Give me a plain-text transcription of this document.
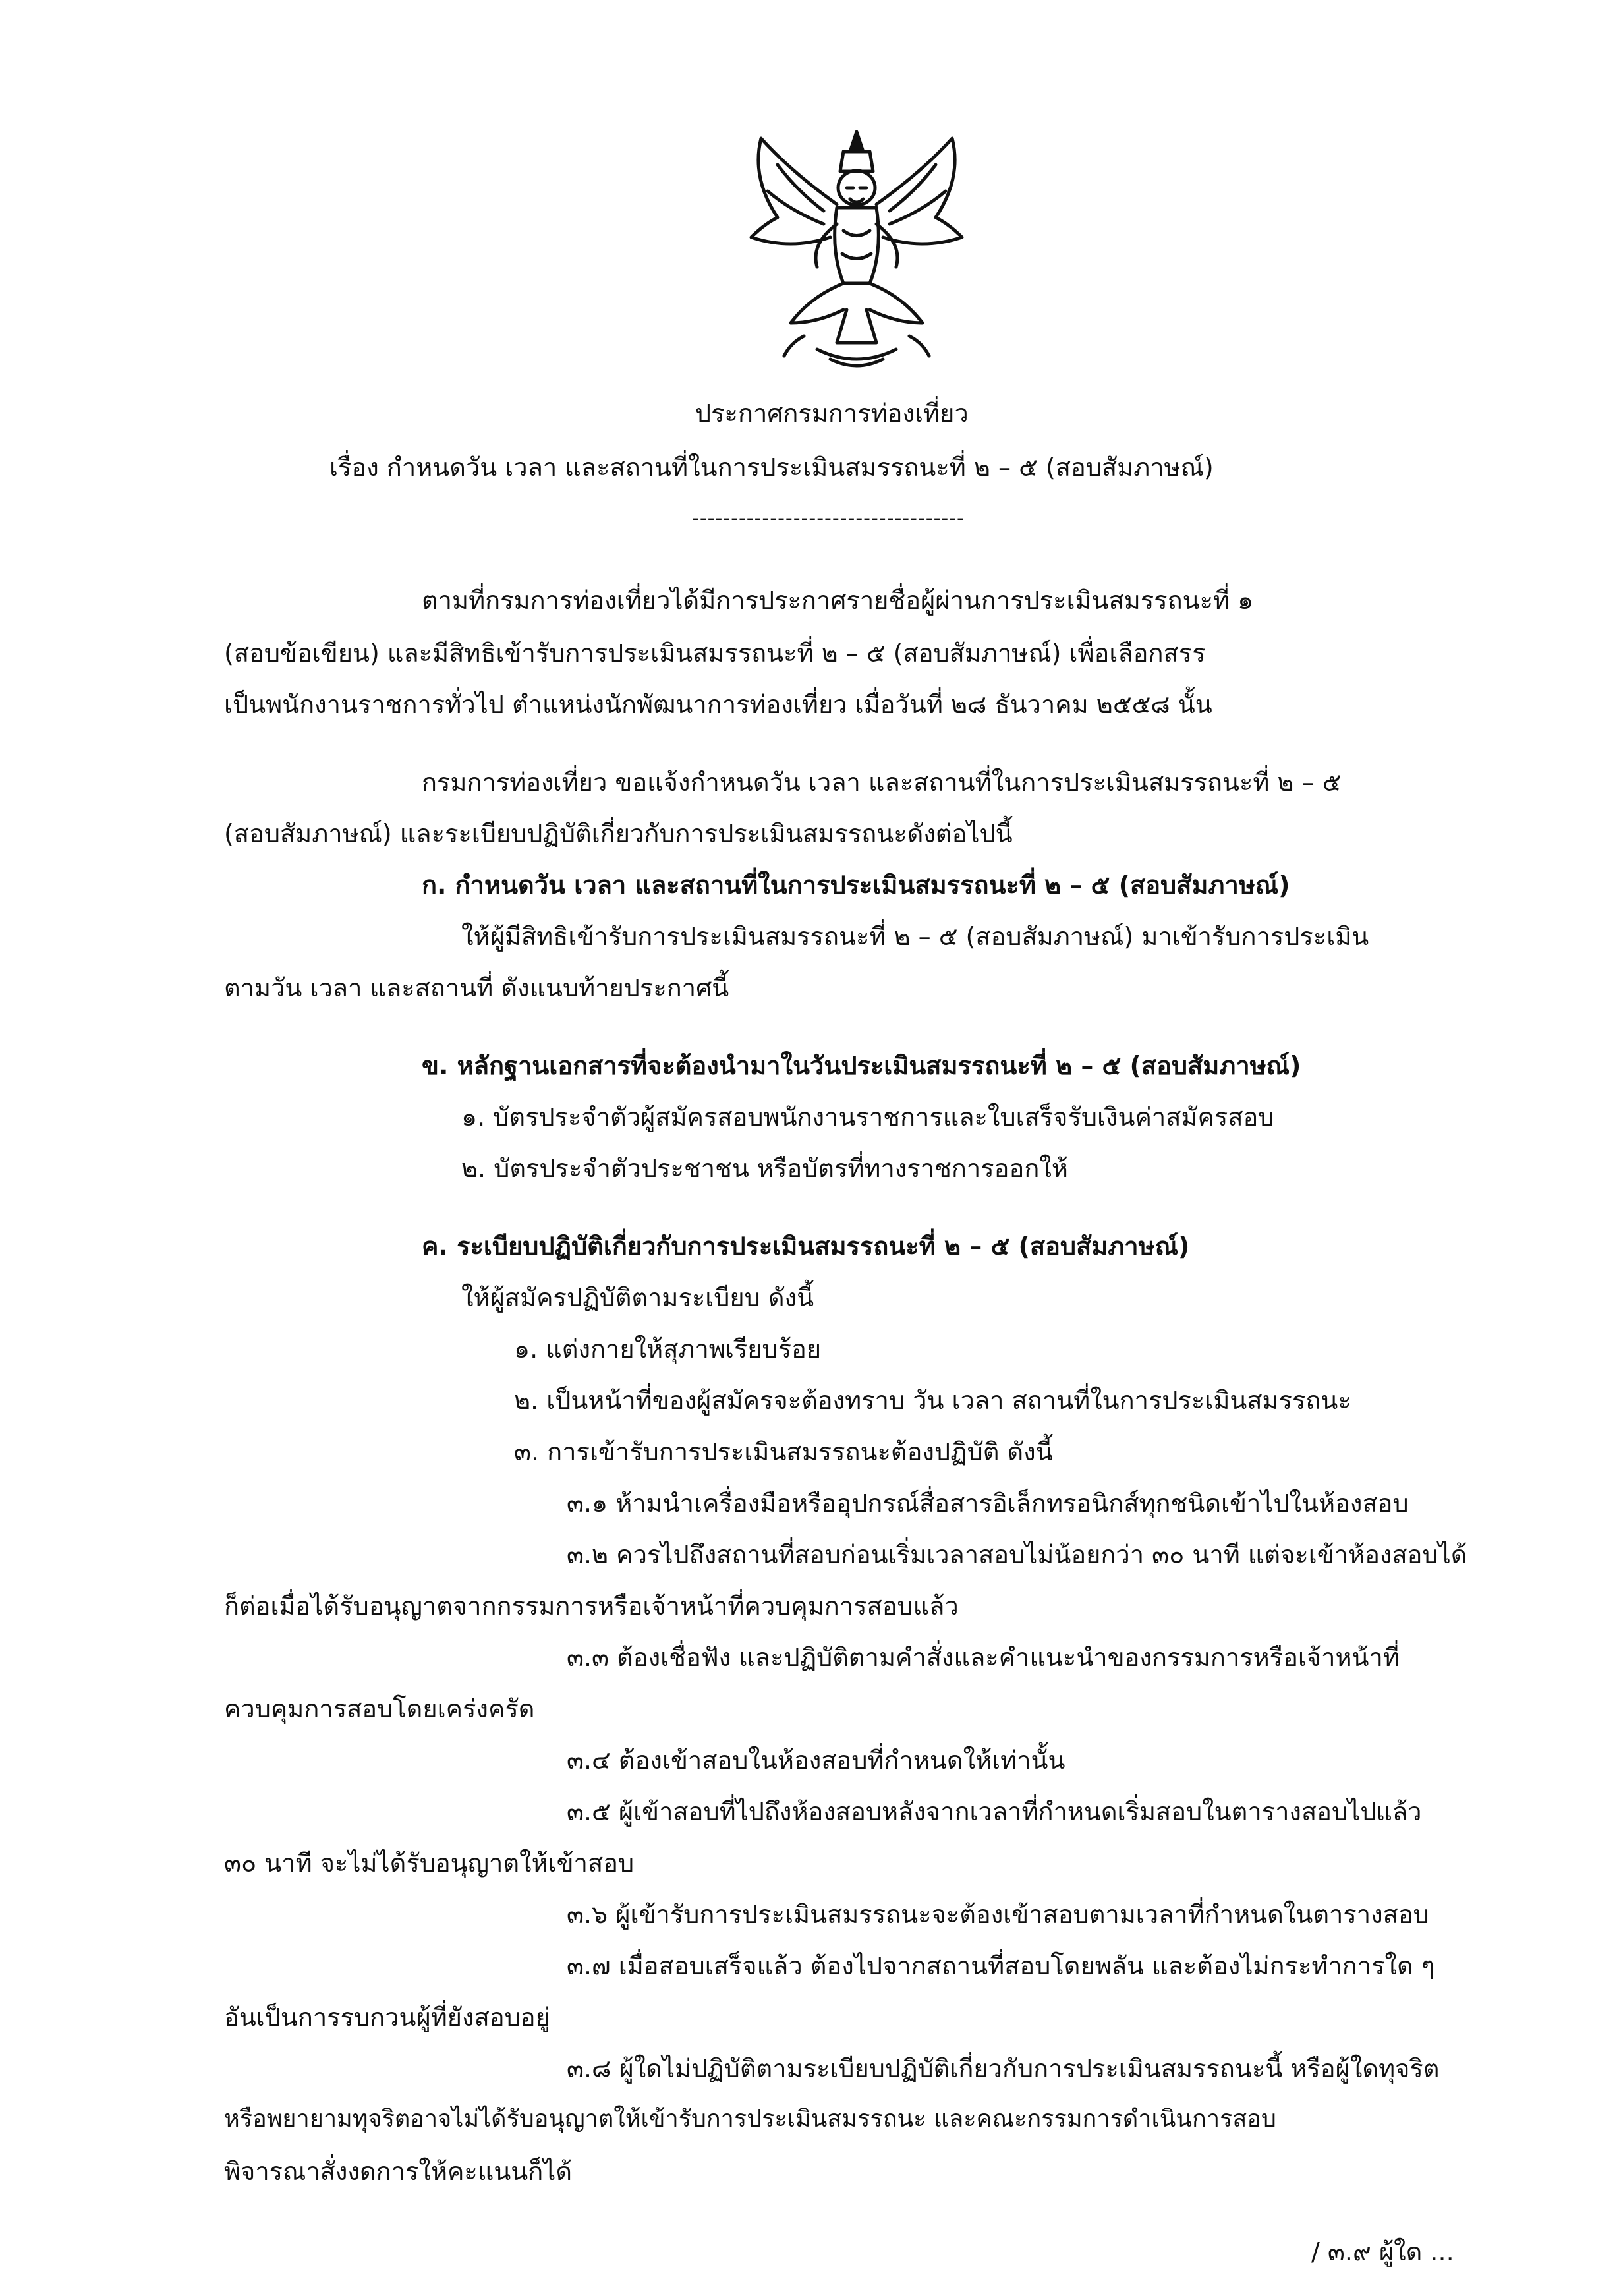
ประกาศกรมการท่องเที่ยว
เรื่อง กำหนดวัน เวลา และสถานที่ในการประเมินสมรรถนะที่ ๒ – ๕ (สอบสัมภาษณ์)
-----------------------------------
ตามที่กรมการท่องเที่ยวได้มีการประกาศรายชื่อผู้ผ่านการประเมินสมรรถนะที่ ๑
(สอบข้อเขียน) และมีสิทธิเข้ารับการประเมินสมรรถนะที่ ๒ – ๕ (สอบสัมภาษณ์) เพื่อเลือกสรร
เป็นพนักงานราชการทั่วไป ตำแหน่งนักพัฒนาการท่องเที่ยว เมื่อวันที่ ๒๘ ธันวาคม ๒๕๕๘ นั้น
กรมการท่องเที่ยว ขอแจ้งกำหนดวัน เวลา และสถานที่ในการประเมินสมรรถนะที่ ๒ – ๕
(สอบสัมภาษณ์) และระเบียบปฏิบัติเกี่ยวกับการประเมินสมรรถนะดังต่อไปนี้
ก. กำหนดวัน เวลา และสถานที่ในการประเมินสมรรถนะที่ ๒ – ๕ (สอบสัมภาษณ์)
ให้ผู้มีสิทธิเข้ารับการประเมินสมรรถนะที่ ๒ – ๕ (สอบสัมภาษณ์) มาเข้ารับการประเมิน
ตามวัน เวลา และสถานที่ ดังแนบท้ายประกาศนี้
ข. หลักฐานเอกสารที่จะต้องนำมาในวันประเมินสมรรถนะที่ ๒ – ๕ (สอบสัมภาษณ์)
๑. บัตรประจำตัวผู้สมัครสอบพนักงานราชการและใบเสร็จรับเงินค่าสมัครสอบ
๒. บัตรประจำตัวประชาชน หรือบัตรที่ทางราชการออกให้
ค. ระเบียบปฏิบัติเกี่ยวกับการประเมินสมรรถนะที่ ๒ – ๕ (สอบสัมภาษณ์)
ให้ผู้สมัครปฏิบัติตามระเบียบ ดังนี้
๑. แต่งกายให้สุภาพเรียบร้อย
๒. เป็นหน้าที่ของผู้สมัครจะต้องทราบ วัน เวลา สถานที่ในการประเมินสมรรถนะ
๓. การเข้ารับการประเมินสมรรถนะต้องปฏิบัติ ดังนี้
๓.๑ ห้ามนำเครื่องมือหรืออุปกรณ์สื่อสารอิเล็กทรอนิกส์ทุกชนิดเข้าไปในห้องสอบ
๓.๒ ควรไปถึงสถานที่สอบก่อนเริ่มเวลาสอบไม่น้อยกว่า ๓๐ นาที แต่จะเข้าห้องสอบได้
ก็ต่อเมื่อได้รับอนุญาตจากกรรมการหรือเจ้าหน้าที่ควบคุมการสอบแล้ว
๓.๓ ต้องเชื่อฟัง และปฏิบัติตามคำสั่งและคำแนะนำของกรรมการหรือเจ้าหน้าที่
ควบคุมการสอบโดยเคร่งครัด
๓.๔ ต้องเข้าสอบในห้องสอบที่กำหนดให้เท่านั้น
๓.๕ ผู้เข้าสอบที่ไปถึงห้องสอบหลังจากเวลาที่กำหนดเริ่มสอบในตารางสอบไปแล้ว
๓๐ นาที จะไม่ได้รับอนุญาตให้เข้าสอบ
๓.๖ ผู้เข้ารับการประเมินสมรรถนะจะต้องเข้าสอบตามเวลาที่กำหนดในตารางสอบ
๓.๗ เมื่อสอบเสร็จแล้ว ต้องไปจากสถานที่สอบโดยพลัน และต้องไม่กระทำการใด ๆ
อันเป็นการรบกวนผู้ที่ยังสอบอยู่
๓.๘ ผู้ใดไม่ปฏิบัติตามระเบียบปฏิบัติเกี่ยวกับการประเมินสมรรถนะนี้ หรือผู้ใดทุจริต
หรือพยายามทุจริตอาจไม่ได้รับอนุญาตให้เข้ารับการประเมินสมรรถนะ และคณะกรรมการดำเนินการสอบ
พิจารณาสั่งงดการให้คะแนนก็ได้
/ ๓.๙ ผู้ใด ...
